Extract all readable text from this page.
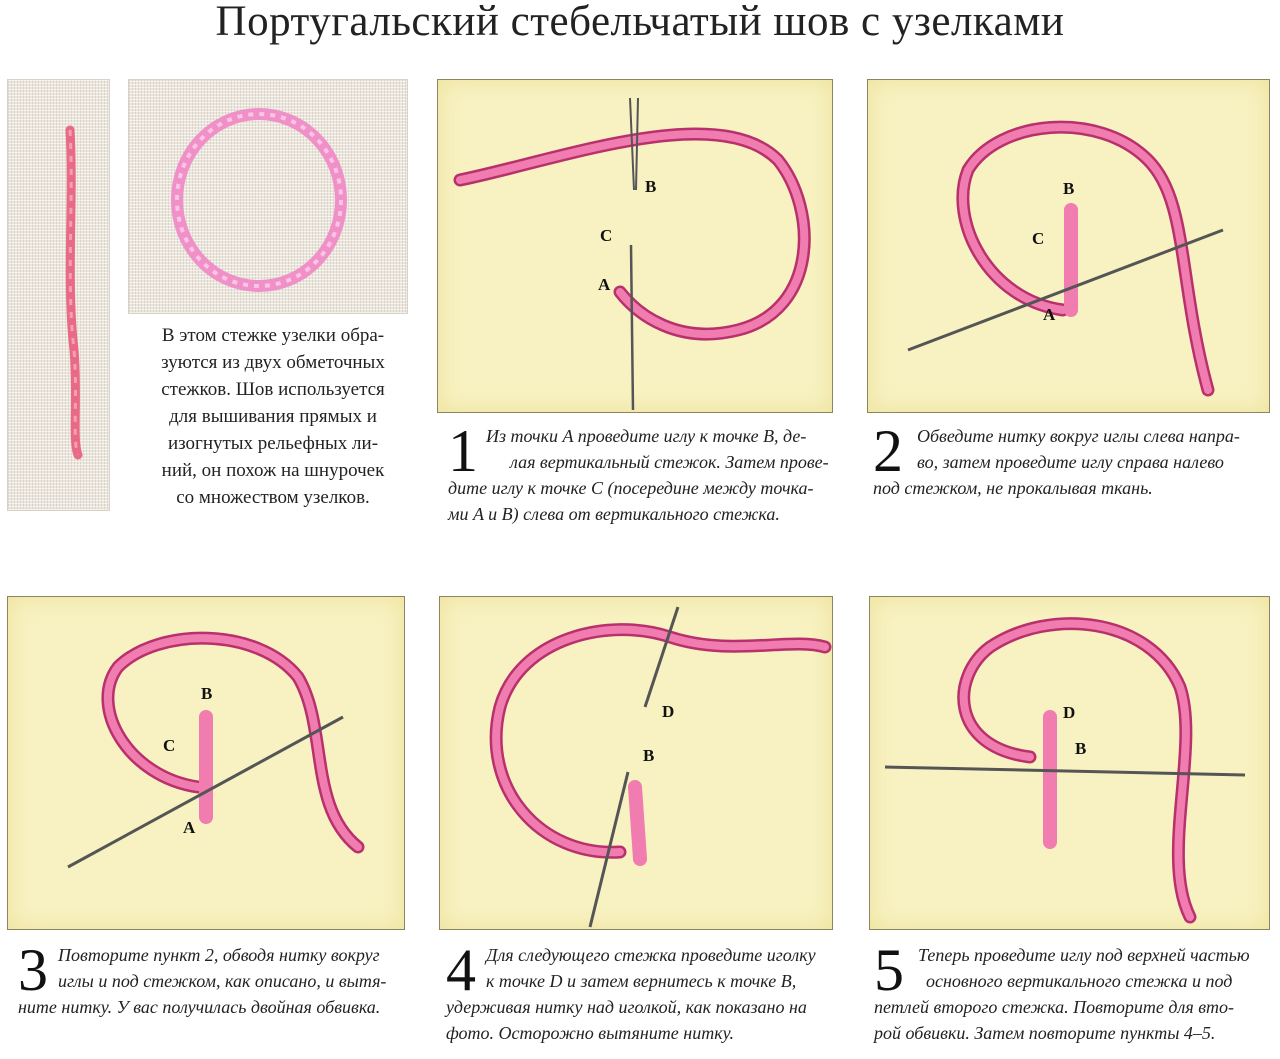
Португальский стебельчатый шов с узелками
В этом стежке узелки обра-
зуются из двух обметочных
стежков. Шов используется
для вышивания прямых и
изогнутых рельефных ли-
ний, он похож на шнурочек
со множеством узелков.
B
C
A
B
C
A
B
C
A
D
B
D
B
1 Из точки A проведите иглу к точке B, де-
лая вертикальный стежок. Затем прове-
дите иглу к точке C (посередине между точка-
ми A и B) слева от вертикального стежка.
2 Обведите нитку вокруг иглы слева напра-
во, затем проведите иглу справа налево
под стежком, не прокалывая ткань.
3 Повторите пункт 2, обводя нитку вокруг
иглы и под стежком, как описано, и вытя-
ните нитку. У вас получилась двойная обвивка.
4 Для следующего стежка проведите иголку
к точке D и затем вернитесь к точке B,
удерживая нитку над иголкой, как показано на
фото. Осторожно вытяните нитку.
5 Теперь проведите иглу под верхней частью
основного вертикального стежка и под
петлей второго стежка. Повторите для вто-
рой обвивки. Затем повторите пункты 4–5.
